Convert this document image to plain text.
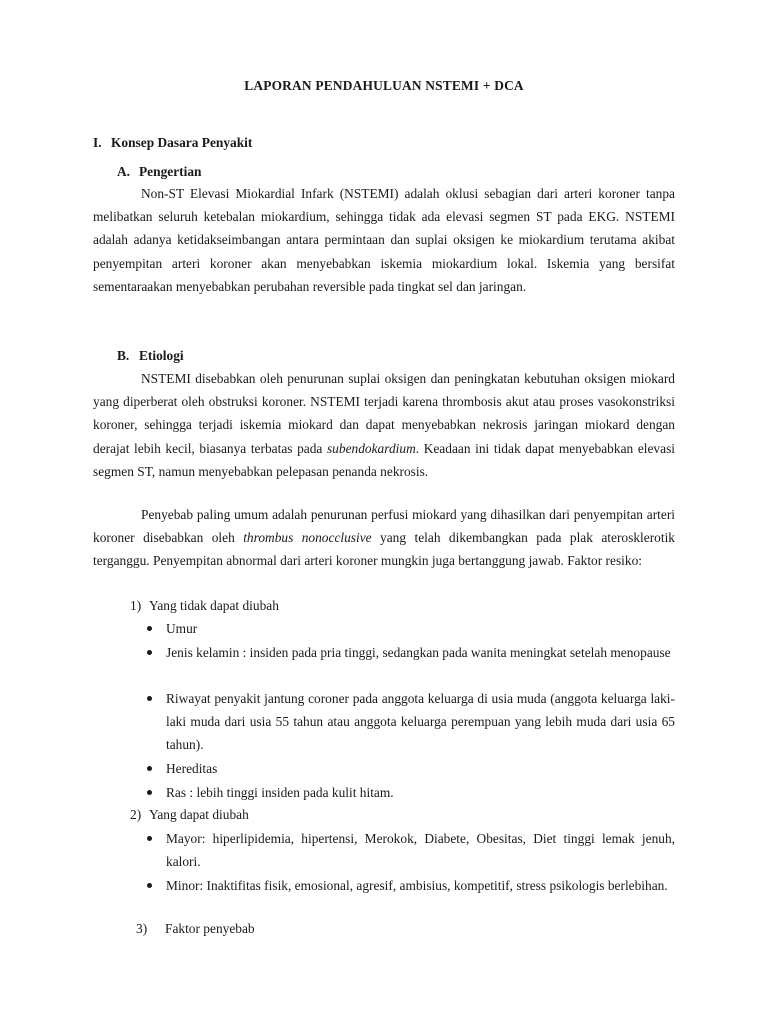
LAPORAN PENDAHULUAN NSTEMI + DCA
I. Konsep Dasara Penyakit
A. Pengertian

Non-ST Elevasi Miokardial Infark (NSTEMI) adalah oklusi sebagian dari arteri koroner tanpa melibatkan seluruh ketebalan miokardium, sehingga tidak ada elevasi segmen ST pada EKG. NSTEMI adalah adanya ketidakseimbangan antara permintaan dan suplai oksigen ke miokardium terutama akibat penyempitan arteri koroner akan menyebabkan iskemia miokardium lokal. Iskemia yang bersifat sementaraakan menyebabkan perubahan reversible pada tingkat sel dan jaringan.

B. Etiologi

NSTEMI disebabkan oleh penurunan suplai oksigen dan peningkatan kebutuhan oksigen miokard yang diperberat oleh obstruksi koroner. NSTEMI terjadi karena thrombosis akut atau proses vasokonstriksi koroner, sehingga terjadi iskemia miokard dan dapat menyebabkan nekrosis jaringan miokard dengan derajat lebih kecil, biasanya terbatas pada subendokardium. Keadaan ini tidak dapat menyebabkan elevasi segmen ST, namun menyebabkan pelepasan penanda nekrosis.

Penyebab paling umum adalah penurunan perfusi miokard yang dihasilkan dari penyempitan arteri koroner disebabkan oleh thrombus nonocclusive yang telah dikembangkan pada plak aterosklerotik terganggu. Penyempitan abnormal dari arteri koroner mungkin juga bertanggung jawab. Faktor resiko:

1) Yang tidak dapat diubah
Umur
Jenis kelamin : insiden pada pria tinggi, sedangkan pada wanita meningkat setelah menopause
Riwayat penyakit jantung coroner pada anggota keluarga di usia muda (anggota keluarga laki-laki muda dari usia 55 tahun atau anggota keluarga perempuan yang lebih muda dari usia 65 tahun).
Hereditas
Ras : lebih tinggi insiden pada kulit hitam.
2) Yang dapat diubah
Mayor: hiperlipidemia, hipertensi, Merokok, Diabete, Obesitas, Diet tinggi lemak jenuh, kalori.
Minor: Inaktifitas fisik, emosional, agresif, ambisius, kompetitif, stress psikologis berlebihan.
3) Faktor penyebab
